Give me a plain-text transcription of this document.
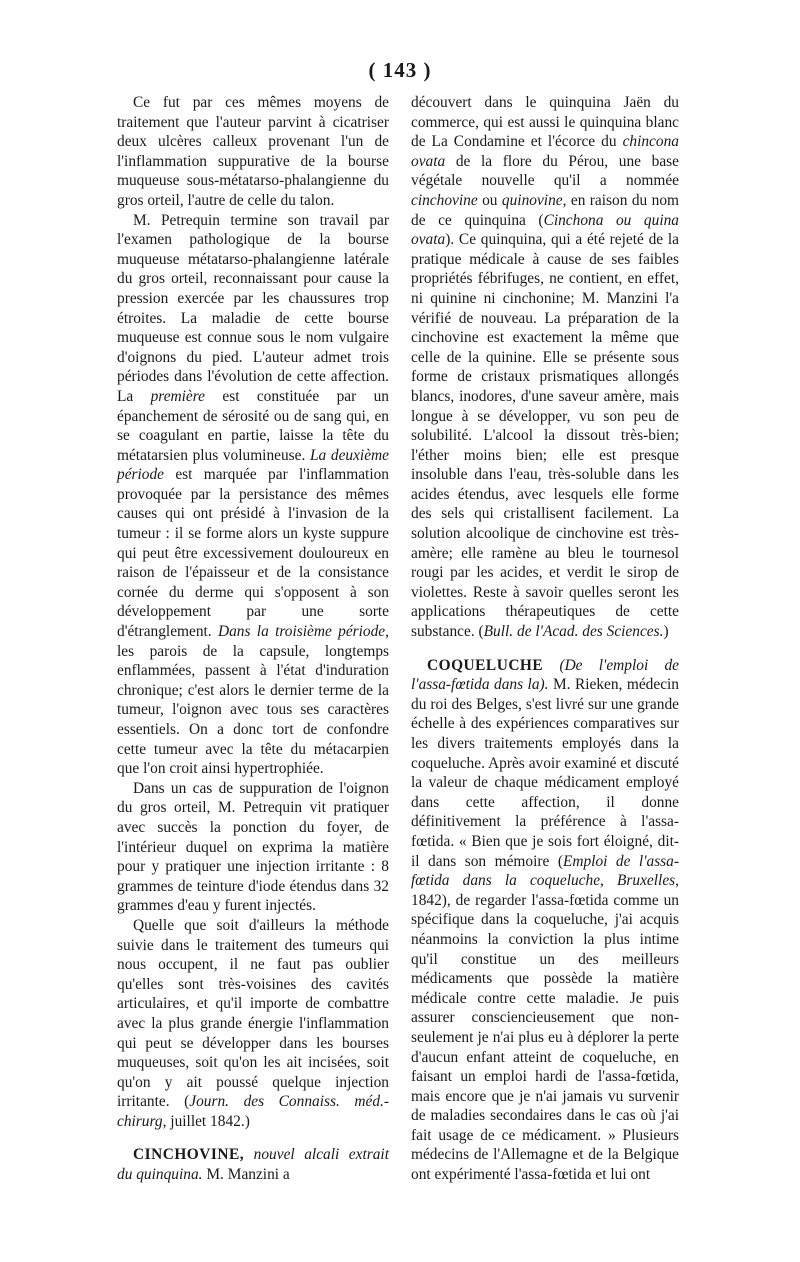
( 143 )

Ce fut par ces mêmes moyens de traitement que l'auteur parvint à cicatriser deux ulcères calleux provenant l'un de l'inflammation suppurative de la bourse muqueuse sous-métatarso-phalangienne du gros orteil, l'autre de celle du talon.

M. Petrequin termine son travail par l'examen pathologique de la bourse muqueuse métatarso-phalangienne latérale du gros orteil, reconnaissant pour cause la pression exercée par les chaussures trop étroites. La maladie de cette bourse muqueuse est connue sous le nom vulgaire d'oignons du pied. L'auteur admet trois périodes dans l'évolution de cette affection. La première est constituée par un épanchement de sérosité ou de sang qui, en se coagulant en partie, laisse la tête du métatarsien plus volumineuse. La deuxième période est marquée par l'inflammation provoquée par la persistance des mêmes causes qui ont présidé à l'invasion de la tumeur : il se forme alors un kyste suppure qui peut être excessivement douloureux en raison de l'épaisseur et de la consistance cornée du derme qui s'opposent à son développement par une sorte d'étranglement. Dans la troisième période, les parois de la capsule, longtemps enflammées, passent à l'état d'induration chronique; c'est alors le dernier terme de la tumeur, l'oignon avec tous ses caractères essentiels. On a donc tort de confondre cette tumeur avec la tête du métacarpien que l'on croit ainsi hypertrophiée.

Dans un cas de suppuration de l'oignon du gros orteil, M. Petrequin vit pratiquer avec succès la ponction du foyer, de l'intérieur duquel on exprima la matière pour y pratiquer une injection irritante : 8 grammes de teinture d'iode étendus dans 32 grammes d'eau y furent injectés.

Quelle que soit d'ailleurs la méthode suivie dans le traitement des tumeurs qui nous occupent, il ne faut pas oublier qu'elles sont très-voisines des cavités articulaires, et qu'il importe de combattre avec la plus grande énergie l'inflammation qui peut se développer dans les bourses muqueuses, soit qu'on les ait incisées, soit qu'on y ait poussé quelque injection irritante. (Journ. des Connaiss. méd.-chirurg, juillet 1842.)

CINCHOVINE, nouvel alcali extrait du quinquina. M. Manzini a

découvert dans le quinquina Jaën du commerce, qui est aussi le quinquina blanc de La Condamine et l'écorce du chincona ovata de la flore du Pérou, une base végétale nouvelle qu'il a nommée cinchovine ou quinovine, en raison du nom de ce quinquina (Cinchona ou quina ovata). Ce quinquina, qui a été rejeté de la pratique médicale à cause de ses faibles propriétés fébrifuges, ne contient, en effet, ni quinine ni cinchonine; M. Manzini l'a vérifié de nouveau. La préparation de la cinchovine est exactement la même que celle de la quinine. Elle se présente sous forme de cristaux prismatiques allongés blancs, inodores, d'une saveur amère, mais longue à se développer, vu son peu de solubilité. L'alcool la dissout très-bien; l'éther moins bien; elle est presque insoluble dans l'eau, très-soluble dans les acides étendus, avec lesquels elle forme des sels qui cristallisent facilement. La solution alcoolique de cinchovine est très-amère; elle ramène au bleu le tournesol rougi par les acides, et verdit le sirop de violettes. Reste à savoir quelles seront les applications thérapeutiques de cette substance. (Bull. de l'Acad. des Sciences.)

COQUELUCHE (De l'emploi de l'assa-fœtida dans la). M. Rieken, médecin du roi des Belges, s'est livré sur une grande échelle à des expériences comparatives sur les divers traitements employés dans la coqueluche. Après avoir examiné et discuté la valeur de chaque médicament employé dans cette affection, il donne définitivement la préférence à l'assa-fœtida. « Bien que je sois fort éloigné, dit-il dans son mémoire (Emploi de l'assa-fœtida dans la coqueluche, Bruxelles, 1842), de regarder l'assa-fœtida comme un spécifique dans la coqueluche, j'ai acquis néanmoins la conviction la plus intime qu'il constitue un des meilleurs médicaments que possède la matière médicale contre cette maladie. Je puis assurer consciencieusement que non-seulement je n'ai plus eu à déplorer la perte d'aucun enfant atteint de coqueluche, en faisant un emploi hardi de l'assa-fœtida, mais encore que je n'ai jamais vu survenir de maladies secondaires dans le cas où j'ai fait usage de ce médicament. » Plusieurs médecins de l'Allemagne et de la Belgique ont expérimenté l'assa-fœtida et lui ont
